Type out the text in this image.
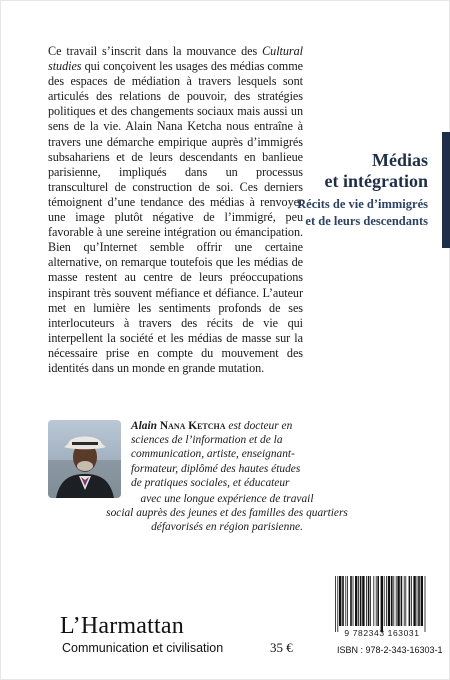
Ce travail s’inscrit dans la mouvance des Cultural studies qui conçoivent les usages des médias comme des espaces de médiation à travers lesquels sont articulés des relations de pouvoir, des stratégies politiques et des changements sociaux mais aussi un sens de la vie. Alain Nana Ketcha nous entraîne à travers une démarche empirique auprès d’immigrés subsahariens et de leurs descendants en banlieue parisienne, impliqués dans un processus transculturel de construction de soi. Ces derniers témoignent d’une tendance des médias à renvoyer une image plutôt négative de l’immigré, peu favorable à une sereine intégration ou émancipation. Bien qu’Internet semble offrir une certaine alternative, on remarque toutefois que les médias de masse restent au centre de leurs préoccupations inspirant très souvent méfiance et défiance. L’auteur met en lumière les sentiments profonds de ses interlocuteurs à travers des récits de vie qui interpellent la société et les médias de masse sur la nécessaire prise en compte du mouvement des identités dans un monde en grande mutation.
Médias
et intégration
Récits de vie d’immigrés
et de leurs descendants
Alain Nana Ketcha est docteur en
sciences de l’information et de la
communication, artiste, enseignant-
formateur, diplômé des hautes études
de pratiques sociales, et éducateur
avec une longue expérience de travail
social auprès des jeunes et des familles des quartiers
défavorisés en région parisienne.
L’Harmattan
Communication et civilisation	35 €
9 782343 163031
ISBN : 978-2-343-16303-1
